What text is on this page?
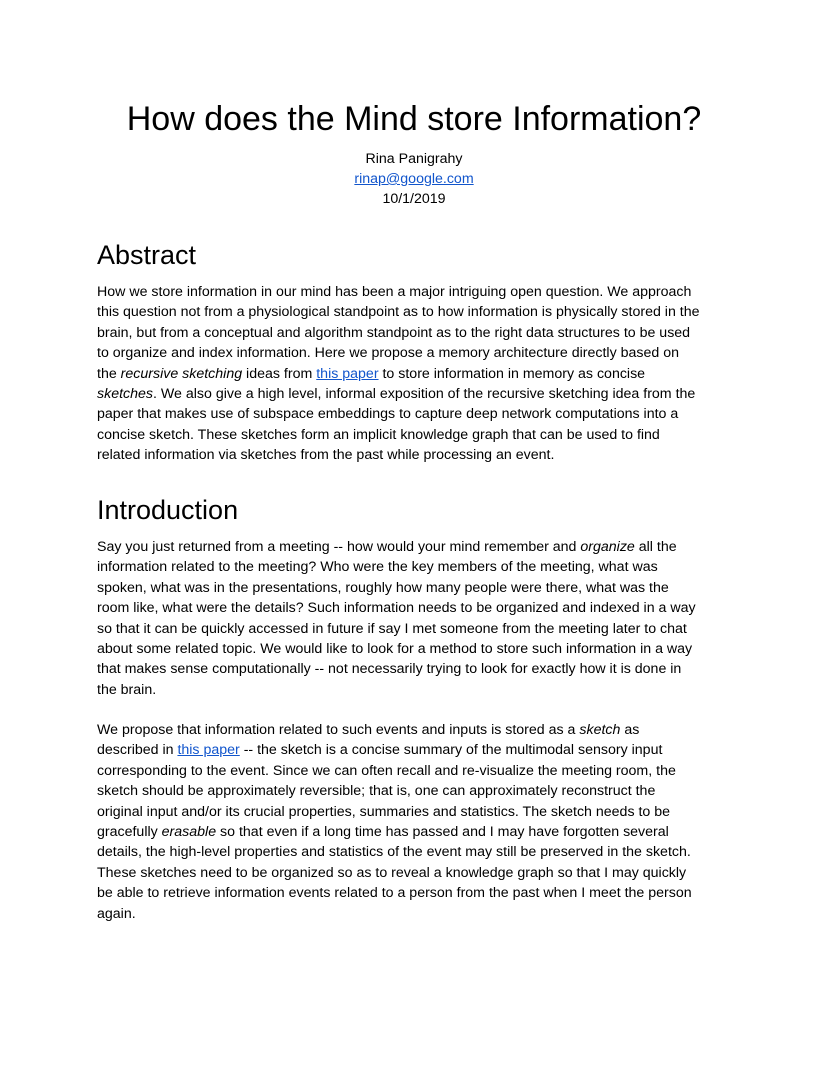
How does the Mind store Information?
Rina Panigrahy
rinap@google.com
10/1/2019
Abstract

How we store information in our mind has been a major intriguing open question. We approach
this question not from a physiological standpoint as to how information is physically stored in the
brain, but from a conceptual and algorithm standpoint as to the right data structures to be used
to organize and index information. Here we propose a memory architecture directly based on
the recursive sketching ideas from this paper to store information in memory as concise
sketches. We also give a high level, informal exposition of the recursive sketching idea from the
paper that makes use of subspace embeddings to capture deep network computations into a
concise sketch. These sketches form an implicit knowledge graph that can be used to find
related information via sketches from the past while processing an event.

Introduction

Say you just returned from a meeting -- how would your mind remember and organize all the
information related to the meeting? Who were the key members of the meeting, what was
spoken, what was in the presentations, roughly how many people were there, what was the
room like, what were the details? Such information needs to be organized and indexed in a way
so that it can be quickly accessed in future if say I met someone from the meeting later to chat
about some related topic. We would like to look for a method to store such information in a way
that makes sense computationally -- not necessarily trying to look for exactly how it is done in
the brain.

We propose that information related to such events and inputs is stored as a sketch as
described in this paper -- the sketch is a concise summary of the multimodal sensory input
corresponding to the event. Since we can often recall and re-visualize the meeting room, the
sketch should be approximately reversible; that is, one can approximately reconstruct the
original input and/or its crucial properties, summaries and statistics. The sketch needs to be
gracefully erasable so that even if a long time has passed and I may have forgotten several
details, the high-level properties and statistics of the event may still be preserved in the sketch.
These sketches need to be organized so as to reveal a knowledge graph so that I may quickly
be able to retrieve information events related to a person from the past when I meet the person
again.
